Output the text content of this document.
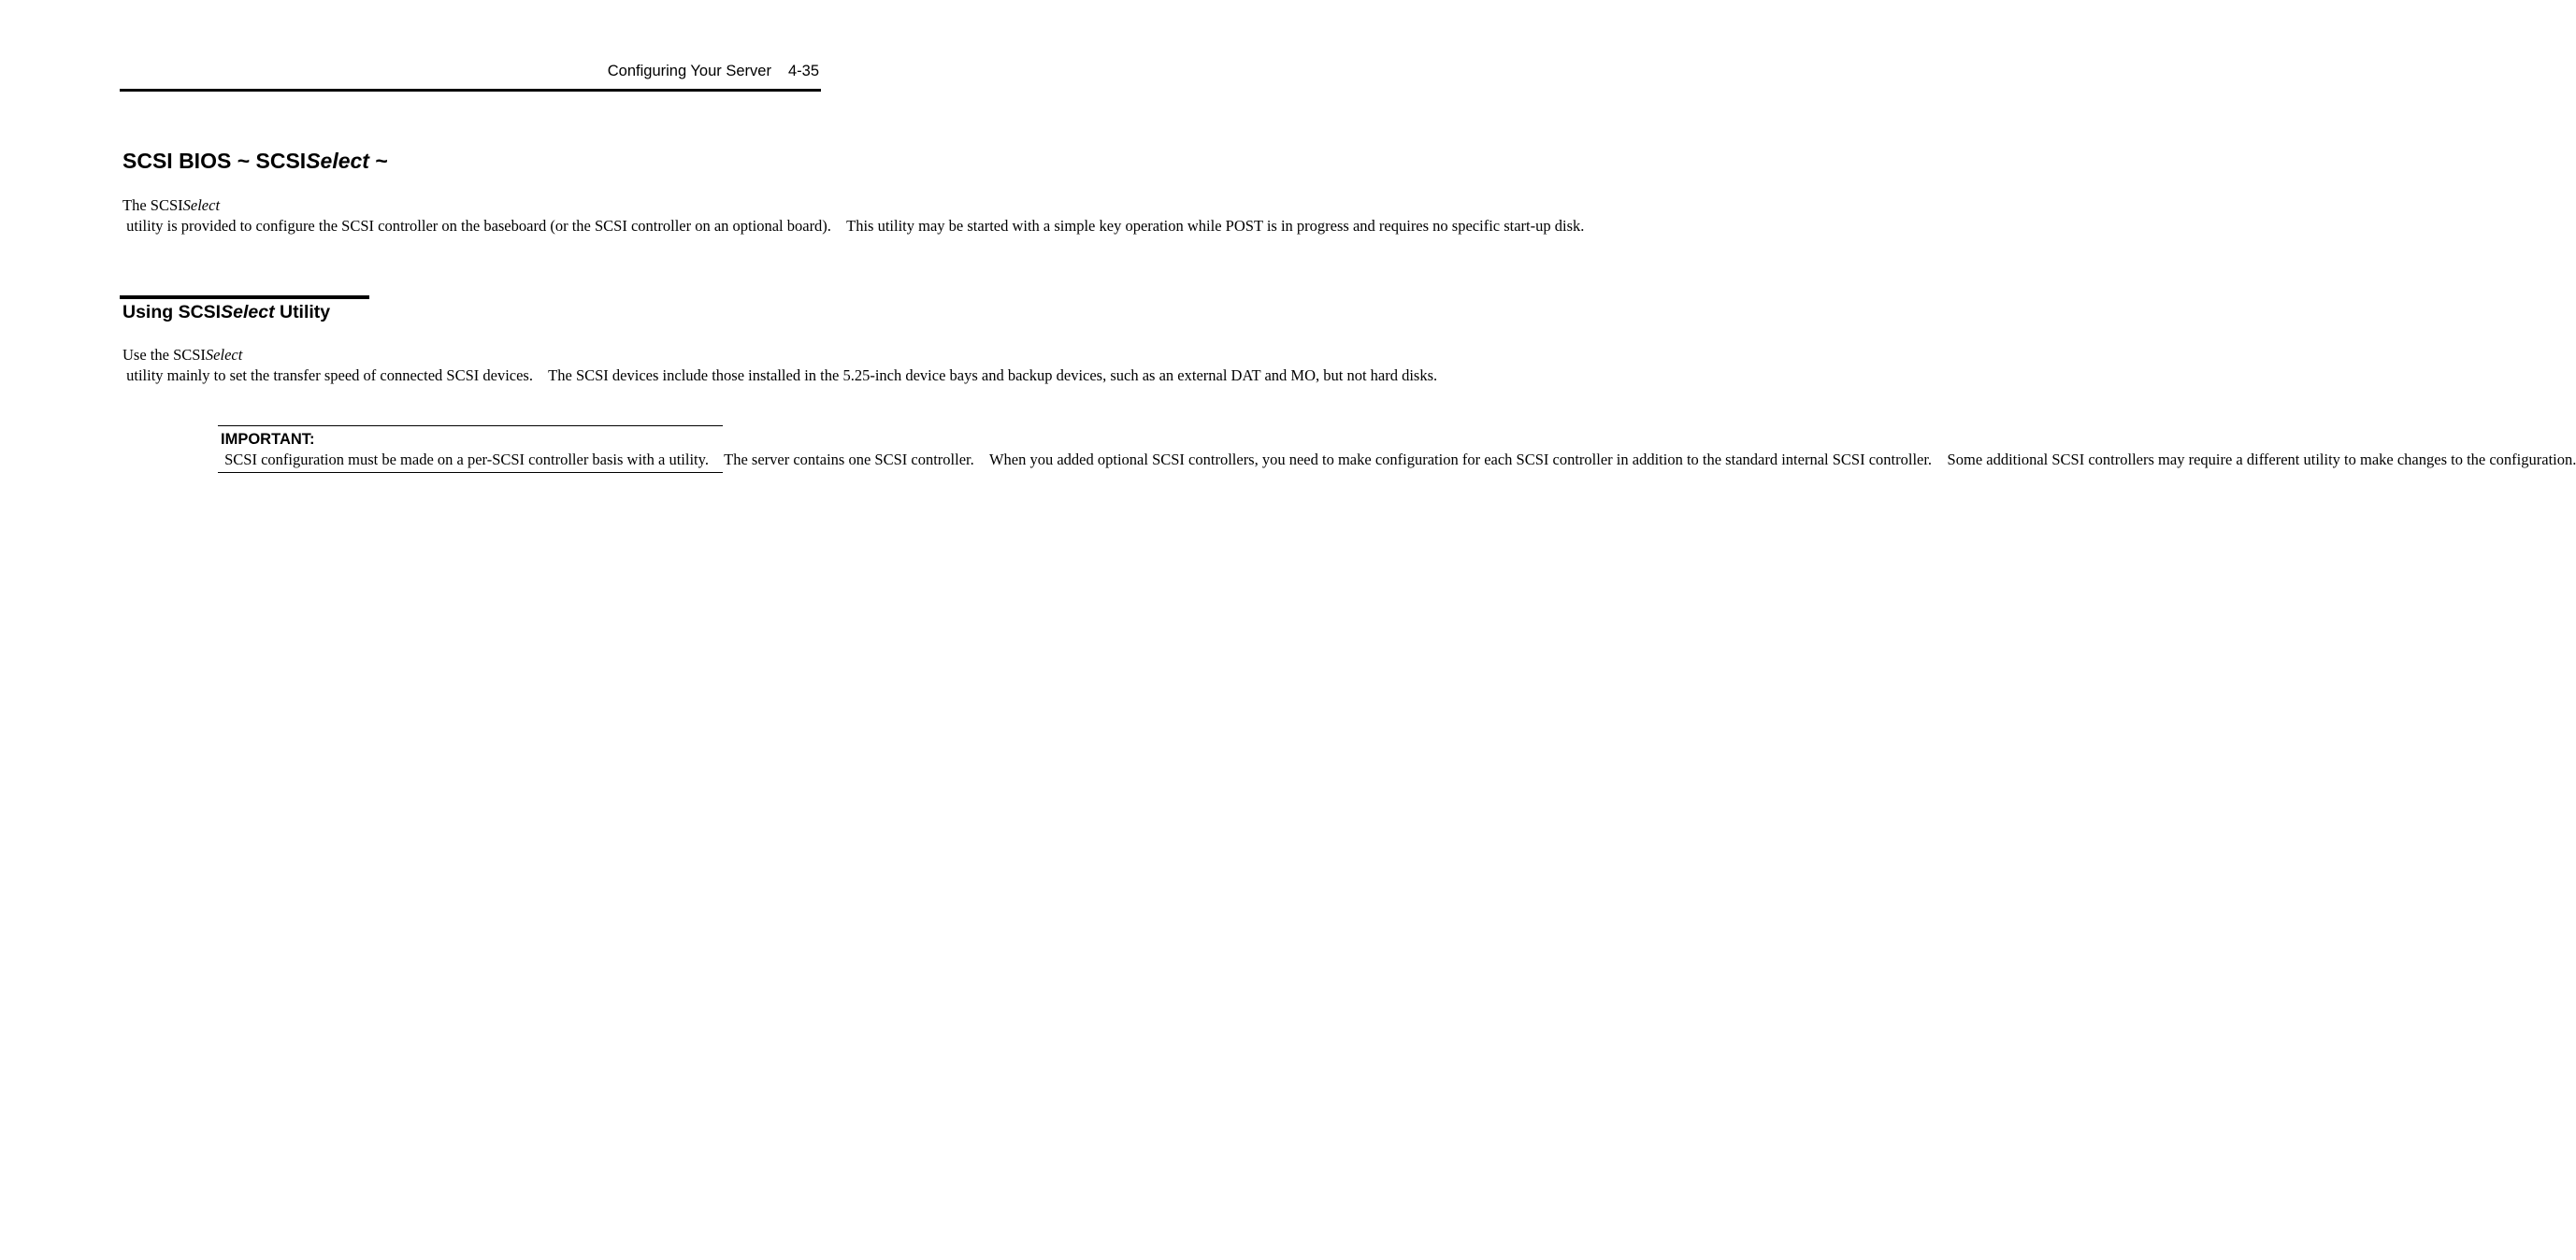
Configuring Your Server 4-35
SCSI BIOS ~ SCSISelect ~

The SCSISelect utility is provided to configure the SCSI controller on the baseboard (or the SCSI controller on an optional board).    This utility may be started with a simple key operation while POST is in progress and requires no specific start-up disk.

Using SCSISelect Utility

Use the SCSISelect utility mainly to set the transfer speed of connected SCSI devices.    The SCSI devices include those installed in the 5.25-inch device bays and backup devices, such as an external DAT and MO, but not hard disks.

IMPORTANT: SCSI configuration must be made on a per-SCSI controller basis with a utility.    The server contains one SCSI controller.    When you added optional SCSI controllers, you need to make configuration for each SCSI controller in addition to the standard internal SCSI controller.    Some additional SCSI controllers may require a different utility to make changes to the configuration.
